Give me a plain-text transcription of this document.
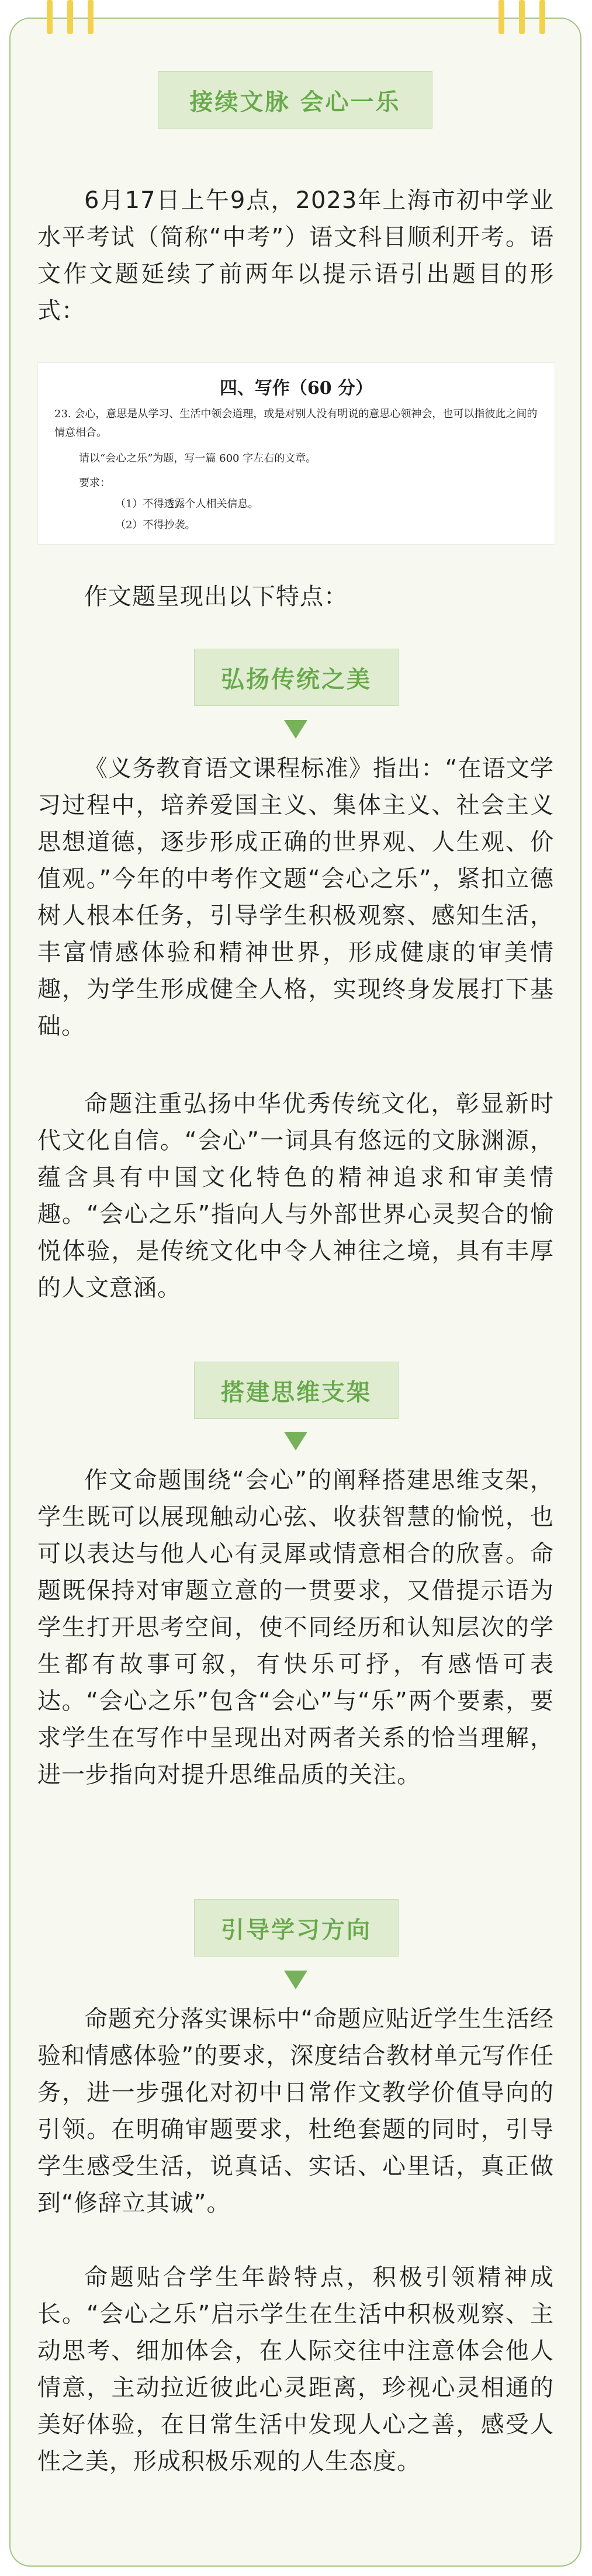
接续文脉 会心一乐

6月17日上午9点，2023年上海市初中学业水平考试（简称“中考”）语文科目顺利开考。语文作文题延续了前两年以提示语引出题目的形式：

四、写作（60 分）
23. 会心，意思是从学习、生活中领会道理，或是对别人没有明说的意思心领神会，也可以指彼此之间的情意相合。
请以“会心之乐”为题，写一篇 600 字左右的文章。
要求：
（1）不得透露个人相关信息。
（2）不得抄袭。

作文题呈现出以下特点：

弘扬传统之美

《义务教育语文课程标准》指出：“在语文学习过程中，培养爱国主义、集体主义、社会主义思想道德，逐步形成正确的世界观、人生观、价值观。”今年的中考作文题“会心之乐”，紧扣立德树人根本任务，引导学生积极观察、感知生活，丰富情感体验和精神世界，形成健康的审美情趣，为学生形成健全人格，实现终身发展打下基础。

命题注重弘扬中华优秀传统文化，彰显新时代文化自信。“会心”一词具有悠远的文脉渊源，蕴含具有中国文化特色的精神追求和审美情趣。“会心之乐”指向人与外部世界心灵契合的愉悦体验，是传统文化中令人神往之境，具有丰厚的人文意涵。

搭建思维支架

作文命题围绕“会心”的阐释搭建思维支架，学生既可以展现触动心弦、收获智慧的愉悦，也可以表达与他人心有灵犀或情意相合的欣喜。命题既保持对审题立意的一贯要求，又借提示语为学生打开思考空间，使不同经历和认知层次的学生都有故事可叙，有快乐可抒，有感悟可表达。“会心之乐”包含“会心”与“乐”两个要素，要求学生在写作中呈现出对两者关系的恰当理解，进一步指向对提升思维品质的关注。

引导学习方向

命题充分落实课标中“命题应贴近学生生活经验和情感体验”的要求，深度结合教材单元写作任务，进一步强化对初中日常作文教学价值导向的引领。在明确审题要求，杜绝套题的同时，引导学生感受生活，说真话、实话、心里话，真正做到“修辞立其诚”。

命题贴合学生年龄特点，积极引领精神成长。“会心之乐”启示学生在生活中积极观察、主动思考、细加体会，在人际交往中注意体会他人情意，主动拉近彼此心灵距离，珍视心灵相通的美好体验，在日常生活中发现人心之善，感受人性之美，形成积极乐观的人生态度。
